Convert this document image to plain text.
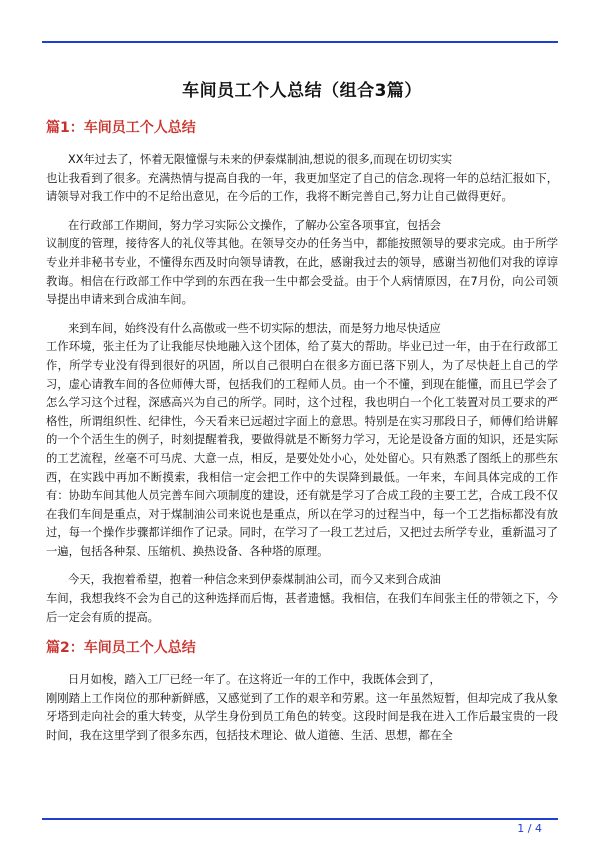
车间员工个人总结（组合3篇）
篇1：车间员工个人总结

XX年过去了，怀着无限憧憬与未来的伊泰煤制油,想说的很多,而现在切切实实
也让我看到了很多。充满热情与提高自我的一年，我更加坚定了自己的信念.现将一年的总结汇报如下，请领导对我工作中的不足给出意见，在今后的工作，我将不断完善自己,努力让自己做得更好。

在行政部工作期间，努力学习实际公文操作，了解办公室各项事宜，包括会
议制度的管理，接待客人的礼仪等其他。在领导交办的任务当中，都能按照领导的要求完成。由于所学专业并非秘书专业，不懂得东西及时向领导请教，在此，感谢我过去的领导，感谢当初他们对我的谆谆教诲。相信在行政部工作中学到的东西在我一生中都会受益。由于个人病情原因，在7月份，向公司领导提出申请来到合成油车间。

来到车间，始终没有什么高傲或一些不切实际的想法，而是努力地尽快适应
工作环境，张主任为了让我能尽快地融入这个团体，给了莫大的帮助。毕业已过一年，由于在行政部工作，所学专业没有得到很好的巩固，所以自己很明白在很多方面已落下别人，为了尽快赶上自己的学习，虚心请教车间的各位师傅大哥，包括我们的工程师人员。由一个不懂，到现在能懂，而且已学会了怎么学习这个过程，深感高兴为自己的所学。同时，这个过程，我也明白一个化工装置对员工要求的严格性，所谓组织性、纪律性，今天看来已远超过字面上的意思。特别是在实习那段日子，师傅们给讲解的一个个活生生的例子，时刻提醒着我，要做得就是不断努力学习，无论是设备方面的知识，还是实际的工艺流程，丝毫不可马虎、大意一点，相反，是要处处小心，处处留心。只有熟悉了图纸上的那些东西，在实践中再加不断摸索，我相信一定会把工作中的失误降到最低。一年来，车间具体完成的工作有：协助车间其他人员完善车间六项制度的建设，还有就是学习了合成工段的主要工艺，合成工段不仅在我们车间是重点，对于煤制油公司来说也是重点，所以在学习的过程当中，每一个工艺指标都没有放过，每一个操作步骤都详细作了记录。同时，在学习了一段工艺过后，又把过去所学专业，重新温习了一遍，包括各种泵、压缩机、换热设备、各种塔的原理。

今天，我抱着希望，抱着一种信念来到伊泰煤制油公司，而今又来到合成油
车间，我想我终不会为自己的这种选择而后悔，甚者遗憾。我相信，在我们车间张主任的带领之下，今后一定会有质的提高。

篇2：车间员工个人总结

日月如梭，踏入工厂已经一年了。在这将近一年的工作中，我既体会到了，
刚刚踏上工作岗位的那种新鲜感，又感觉到了工作的艰辛和劳累。这一年虽然短暂，但却完成了我从象牙塔到走向社会的重大转变，从学生身份到员工角色的转变。这段时间是我在进入工作后最宝贵的一段时间，我在这里学到了很多东西，包括技术理论、做人道德、生活、思想，都在全

1 / 4
